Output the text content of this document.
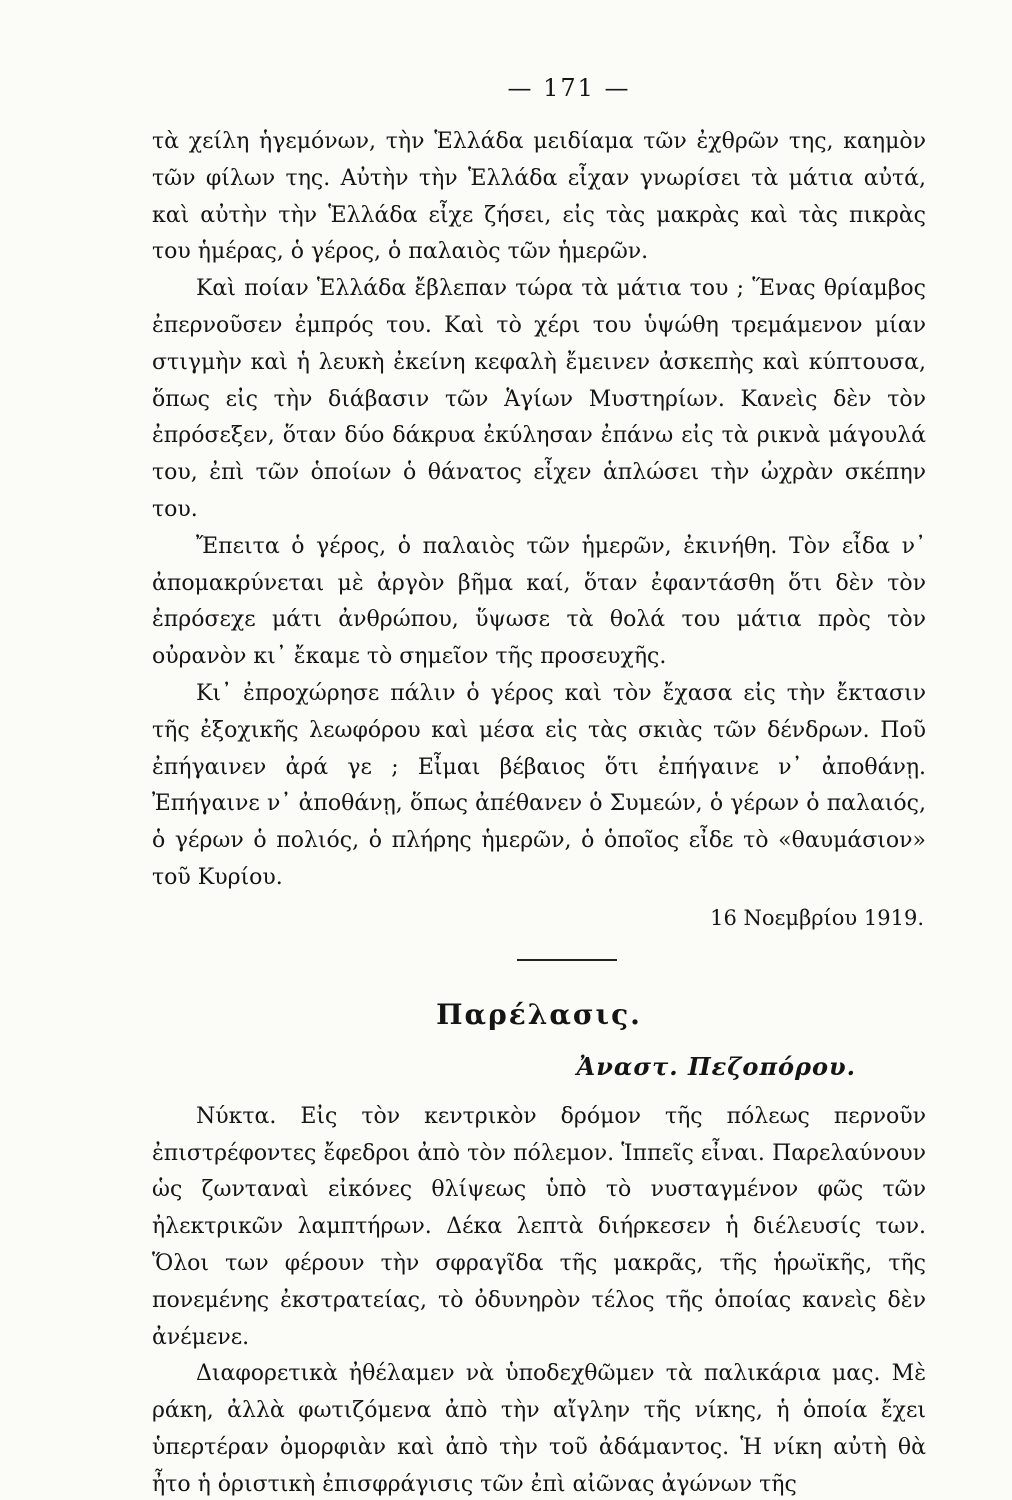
— 171 —

τὰ χείλη ἡγεμόνων, τὴν Ἑλλάδα μειδίαμα τῶν ἐχθρῶν της, καημὸν τῶν φίλων της. Αὐτὴν τὴν Ἑλλάδα εἶχαν γνωρίσει τὰ μάτια αὐτά, καὶ αὐτὴν τὴν Ἑλλάδα εἶχε ζήσει, εἰς τὰς μακρὰς καὶ τὰς πικρὰς του ἡμέρας, ὁ γέρος, ὁ παλαιὸς τῶν ἡμερῶν.

Καὶ ποίαν Ἑλλάδα ἔβλεπαν τώρα τὰ μάτια του ; Ἕνας θρίαμβος ἐπερνοῦσεν ἐμπρός του. Καὶ τὸ χέρι του ὑψώθη τρεμάμενον μίαν στιγμὴν καὶ ἡ λευκὴ ἐκείνη κεφαλὴ ἔμεινεν ἀσκεπὴς καὶ κύπτουσα, ὅπως εἰς τὴν διάβασιν τῶν Ἁγίων Μυστηρίων. Κανεὶς δὲν τὸν ἐπρόσεξεν, ὅταν δύο δάκρυα ἐκύλησαν ἐπάνω εἰς τὰ ρικνὰ μάγουλά του, ἐπὶ τῶν ὁποίων ὁ θάνατος εἶχεν ἁπλώσει τὴν ὠχρὰν σκέπην του.

Ἔπειτα ὁ γέρος, ὁ παλαιὸς τῶν ἡμερῶν, ἐκινήθη. Τὸν εἶδα ν᾿ ἀπομακρύνεται μὲ ἀργὸν βῆμα καί, ὅταν ἐφαντάσθη ὅτι δὲν τὸν ἐπρόσεχε μάτι ἀνθρώπου, ὕψωσε τὰ θολά του μάτια πρὸς τὸν οὐρανὸν κι᾿ ἔκαμε τὸ σημεῖον τῆς προσευχῆς.

Κι᾿ ἐπροχώρησε πάλιν ὁ γέρος καὶ τὸν ἔχασα εἰς τὴν ἔκτασιν τῆς ἐξοχικῆς λεωφόρου καὶ μέσα εἰς τὰς σκιὰς τῶν δένδρων. Ποῦ ἐπήγαινεν ἀρά γε ; Εἶμαι βέβαιος ὅτι ἐπήγαινε ν᾿ ἀποθάνῃ. Ἐπήγαινε ν᾿ ἀποθάνῃ, ὅπως ἀπέθανεν ὁ Συμεών, ὁ γέρων ὁ παλαιός, ὁ γέρων ὁ πολιός, ὁ πλήρης ἡμερῶν, ὁ ὁποῖος εἶδε τὸ «θαυμάσιον» τοῦ Κυρίου.

16 Νοεμβρίου 1919.
Παρέλασις.
Ἀναστ. Πεζοπόρου.

Νύκτα. Εἰς τὸν κεντρικὸν δρόμον τῆς πόλεως περνοῦν ἐπιστρέφοντες ἔφεδροι ἀπὸ τὸν πόλεμον. Ἱππεῖς εἶναι. Παρελαύνουν ὡς ζωνταναὶ εἰκόνες θλίψεως ὑπὸ τὸ νυσταγμένον φῶς τῶν ἠλεκτρικῶν λαμπτήρων. Δέκα λεπτὰ διήρκεσεν ἡ διέλευσίς των. Ὅλοι των φέρουν τὴν σφραγῖδα τῆς μακρᾶς, τῆς ἡρωϊκῆς, τῆς πονεμένης ἐκστρατείας, τὸ ὀδυνηρὸν τέλος τῆς ὁποίας κανεὶς δὲν ἀνέμενε.

Διαφορετικὰ ἠθέλαμεν νὰ ὑποδεχθῶμεν τὰ παλικάρια μας. Μὲ ράκη, ἀλλὰ φωτιζόμενα ἀπὸ τὴν αἴγλην τῆς νίκης, ἡ ὁποία ἔχει ὑπερτέραν ὀμορφιὰν καὶ ἀπὸ τὴν τοῦ ἀδάμαντος. Ἡ νίκη αὐτὴ θὰ ἦτο ἡ ὁριστικὴ ἐπισφράγισις τῶν ἐπὶ αἰῶνας ἀγώνων τῆς
